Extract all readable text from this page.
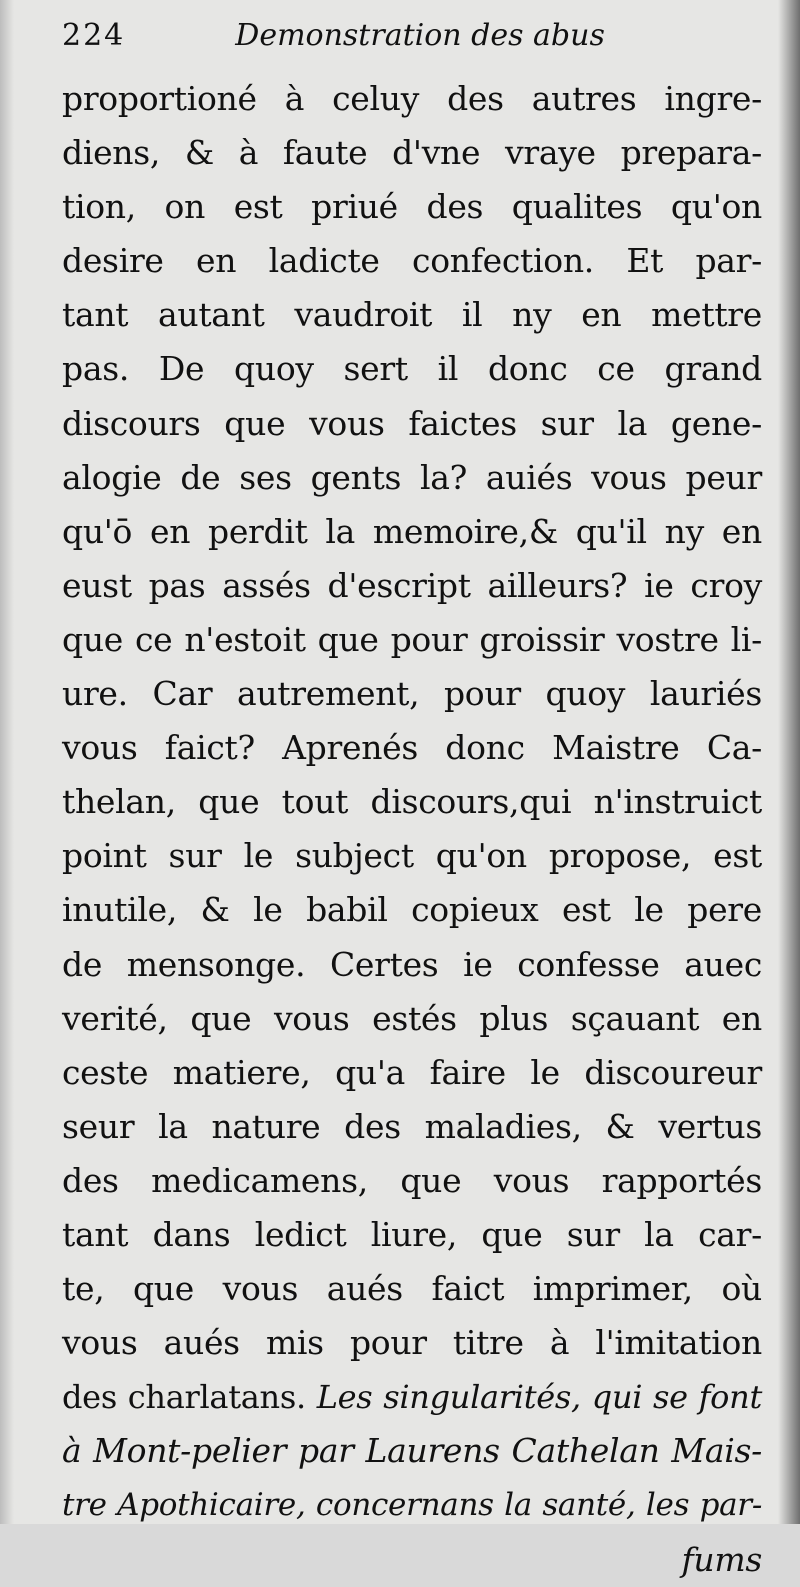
224	Demonstration des abus
proportioné à celuy des autres ingre-
diens, & à faute d'vne vraye prepara-
tion, on est priué des qualites qu'on
desire en ladicte confection. Et par-
tant autant vaudroit il ny en mettre
pas. De quoy sert il donc ce grand
discours que vous faictes sur la gene-
alogie de ses gents la? auiés vous peur
qu'ō en perdit la memoire,& qu'il ny en
eust pas assés d'escript ailleurs? ie croy
que ce n'estoit que pour groissir vostre li-
ure. Car autrement, pour quoy lauriés
vous faict? Aprenés donc Maistre Ca-
thelan, que tout discours,qui n'instruict
point sur le subject qu'on propose, est
inutile, & le babil copieux est le pere
de mensonge. Certes ie confesse auec
verité, que vous estés plus sçauant en
ceste matiere, qu'a faire le discoureur
seur la nature des maladies, & vertus
des medicamens, que vous rapportés
tant dans ledict liure, que sur la car-
te, que vous aués faict imprimer, où
vous aués mis pour titre à l'imitation
des charlatans. Les singularités, qui se font
à Mont-pelier par Laurens Cathelan Mais-
tre Apothicaire, concernans la santé, les par-
fums
